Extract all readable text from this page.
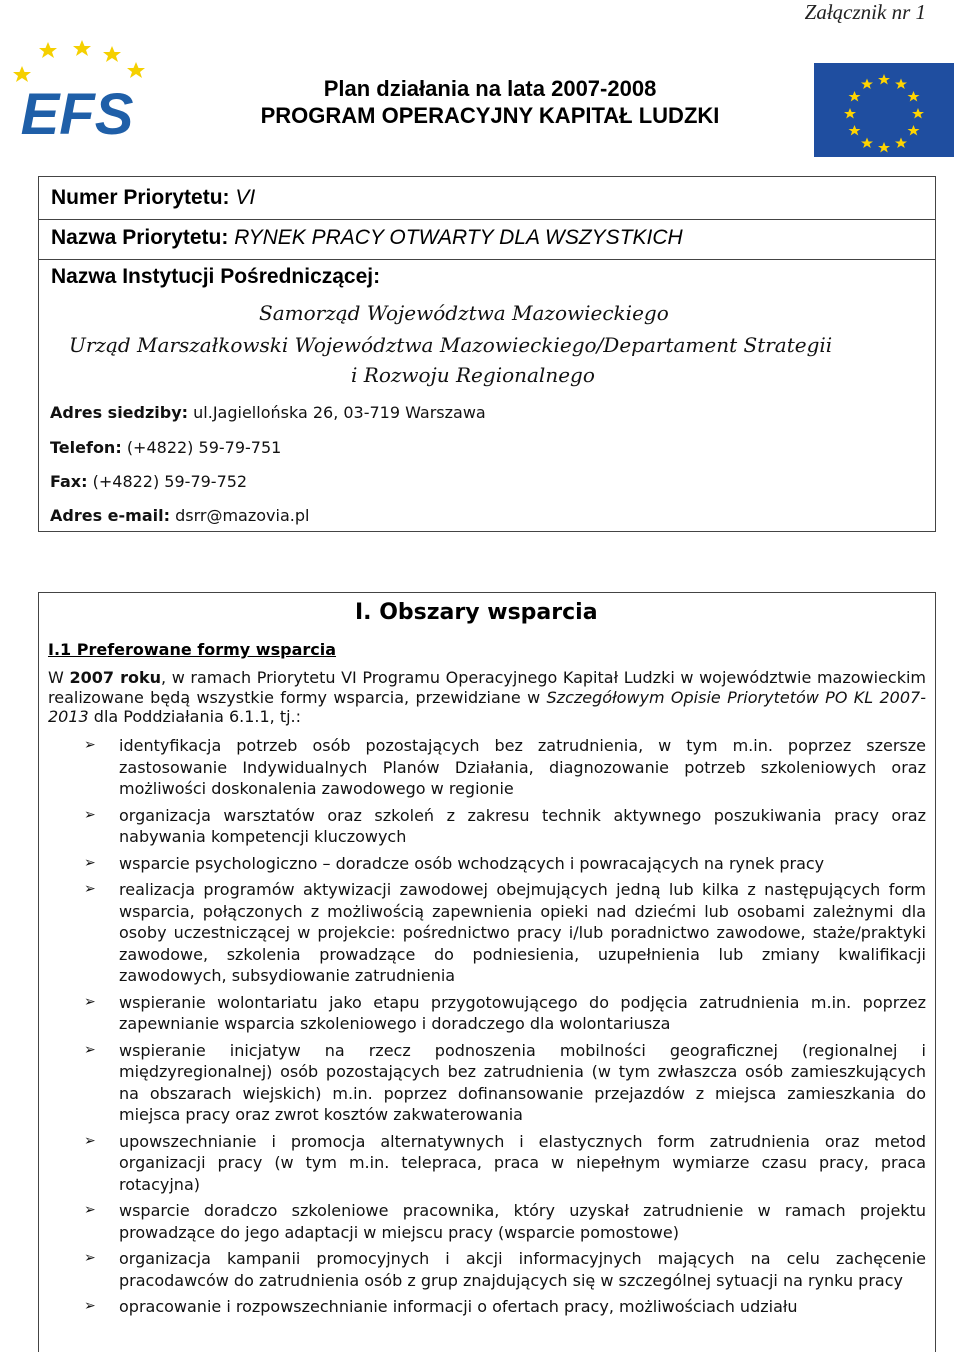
Załącznik nr 1
EFS	Plan działania na lata 2007-2008
PROGRAM OPERACYJNY KAPITAŁ LUDZKI
Numer Priorytetu: VI
Nazwa Priorytetu: RYNEK PRACY OTWARTY DLA WSZYSTKICH
Nazwa Instytucji Pośredniczącej:
Samorząd Województwa Mazowieckiego
Urząd Marszałkowski Województwa Mazowieckiego/Departament Strategii
i Rozwoju Regionalnego
Adres siedziby: ul.Jagiellońska 26, 03-719 Warszawa
Telefon: (+4822) 59-79-751
Fax: (+4822) 59-79-752
Adres e-mail: dsrr@mazovia.pl
I. Obszary wsparcia
I.1 Preferowane formy wsparcia
W 2007 roku, w ramach Priorytetu VI Programu Operacyjnego Kapitał Ludzki w województwie mazowieckim realizowane będą wszystkie formy wsparcia, przewidziane w Szczegółowym Opisie Priorytetów PO KL 2007-2013 dla Poddziałania 6.1.1, tj.:
➢ identyfikacja potrzeb osób pozostających bez zatrudnienia, w tym m.in. poprzez szersze zastosowanie Indywidualnych Planów Działania, diagnozowanie potrzeb szkoleniowych oraz możliwości doskonalenia zawodowego w regionie
➢ organizacja warsztatów oraz szkoleń z zakresu technik aktywnego poszukiwania pracy oraz nabywania kompetencji kluczowych
➢ wsparcie psychologiczno – doradcze osób wchodzących i powracających na rynek pracy
➢ realizacja programów aktywizacji zawodowej obejmujących jedną lub kilka z następujących form wsparcia, połączonych z możliwością zapewnienia opieki nad dziećmi lub osobami zależnymi dla osoby uczestniczącej w projekcie: pośrednictwo pracy i/lub poradnictwo zawodowe, staże/praktyki zawodowe, szkolenia prowadzące do podniesienia, uzupełnienia lub zmiany kwalifikacji zawodowych, subsydiowanie zatrudnienia
➢ wspieranie wolontariatu jako etapu przygotowującego do podjęcia zatrudnienia m.in. poprzez zapewnianie wsparcia szkoleniowego i doradczego dla wolontariusza
➢ wspieranie inicjatyw na rzecz podnoszenia mobilności geograficznej (regionalnej i międzyregionalnej) osób pozostających bez zatrudnienia (w tym zwłaszcza osób zamieszkujących na obszarach wiejskich) m.in. poprzez dofinansowanie przejazdów z miejsca zamieszkania do miejsca pracy oraz zwrot kosztów zakwaterowania
➢ upowszechnianie i promocja alternatywnych i elastycznych form zatrudnienia oraz metod organizacji pracy (w tym m.in. telepraca, praca w niepełnym wymiarze czasu pracy, praca rotacyjna)
➢ wsparcie doradczo szkoleniowe pracownika, który uzyskał zatrudnienie w ramach projektu prowadzące do jego adaptacji w miejscu pracy (wsparcie pomostowe)
➢ organizacja kampanii promocyjnych i akcji informacyjnych mających na celu zachęcenie pracodawców do zatrudnienia osób z grup znajdujących się w szczególnej sytuacji na rynku pracy
➢ opracowanie i rozpowszechnianie informacji o ofertach pracy, możliwościach udziału
